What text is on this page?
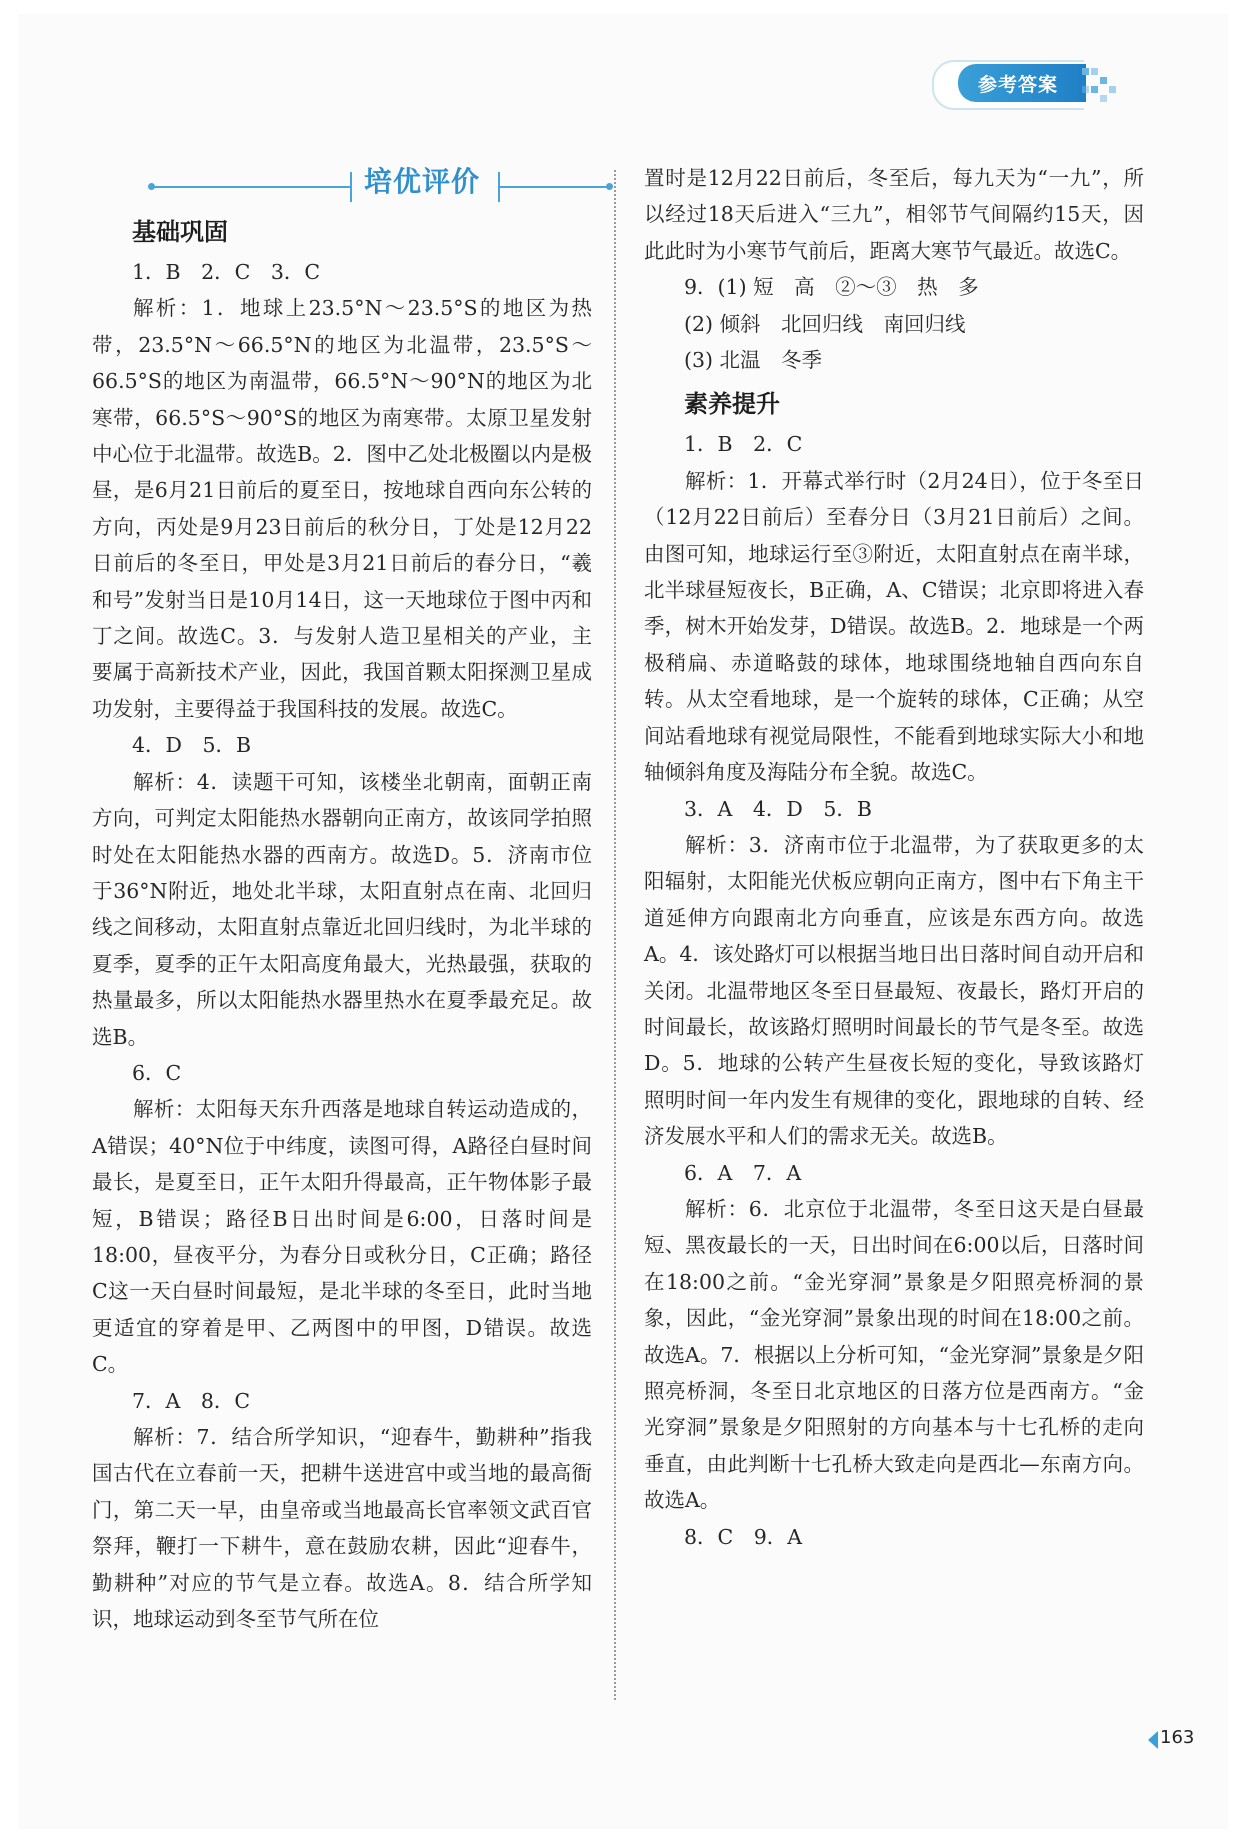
参考答案
培优评价
基础巩固

1．B　2．C　3．C

解析：1．地球上23.5°N～23.5°S的地区为热带，23.5°N～66.5°N的地区为北温带，23.5°S～66.5°S的地区为南温带，66.5°N～90°N的地区为北寒带，66.5°S～90°S的地区为南寒带。太原卫星发射中心位于北温带。故选B。2．图中乙处北极圈以内是极昼，是6月21日前后的夏至日，按地球自西向东公转的方向，丙处是9月23日前后的秋分日，丁处是12月22日前后的冬至日，甲处是3月21日前后的春分日，“羲和号”发射当日是10月14日，这一天地球位于图中丙和丁之间。故选C。3．与发射人造卫星相关的产业，主要属于高新技术产业，因此，我国首颗太阳探测卫星成功发射，主要得益于我国科技的发展。故选C。

4．D　5．B

解析：4．读题干可知，该楼坐北朝南，面朝正南方向，可判定太阳能热水器朝向正南方，故该同学拍照时处在太阳能热水器的西南方。故选D。5．济南市位于36°N附近，地处北半球，太阳直射点在南、北回归线之间移动，太阳直射点靠近北回归线时，为北半球的夏季，夏季的正午太阳高度角最大，光热最强，获取的热量最多，所以太阳能热水器里热水在夏季最充足。故选B。

6．C

解析：太阳每天东升西落是地球自转运动造成的，A错误；40°N位于中纬度，读图可得，A路径白昼时间最长，是夏至日，正午太阳升得最高，正午物体影子最短，B错误；路径B日出时间是6:00，日落时间是18:00，昼夜平分，为春分日或秋分日，C正确；路径C这一天白昼时间最短，是北半球的冬至日，此时当地更适宜的穿着是甲、乙两图中的甲图，D错误。故选C。

7．A　8．C

解析：7．结合所学知识，“迎春牛，勤耕种”指我国古代在立春前一天，把耕牛送进宫中或当地的最高衙门，第二天一早，由皇帝或当地最高长官率领文武百官祭拜，鞭打一下耕牛，意在鼓励农耕，因此“迎春牛，勤耕种”对应的节气是立春。故选A。8．结合所学知识，地球运动到冬至节气所在位

置时是12月22日前后，冬至后，每九天为“一九”，所以经过18天后进入“三九”，相邻节气间隔约15天，因此此时为小寒节气前后，距离大寒节气最近。故选C。

9．(1) 短　高　②～③　热　多

(2) 倾斜　北回归线　南回归线

(3) 北温　冬季

素养提升

1．B　2．C

解析：1．开幕式举行时（2月24日），位于冬至日（12月22日前后）至春分日（3月21日前后）之间。由图可知，地球运行至③附近，太阳直射点在南半球，北半球昼短夜长，B正确，A、C错误；北京即将进入春季，树木开始发芽，D错误。故选B。2．地球是一个两极稍扁、赤道略鼓的球体，地球围绕地轴自西向东自转。从太空看地球，是一个旋转的球体，C正确；从空间站看地球有视觉局限性，不能看到地球实际大小和地轴倾斜角度及海陆分布全貌。故选C。

3．A　4．D　5．B

解析：3．济南市位于北温带，为了获取更多的太阳辐射，太阳能光伏板应朝向正南方，图中右下角主干道延伸方向跟南北方向垂直，应该是东西方向。故选A。4．该处路灯可以根据当地日出日落时间自动开启和关闭。北温带地区冬至日昼最短、夜最长，路灯开启的时间最长，故该路灯照明时间最长的节气是冬至。故选D。5．地球的公转产生昼夜长短的变化，导致该路灯照明时间一年内发生有规律的变化，跟地球的自转、经济发展水平和人们的需求无关。故选B。

6．A　7．A

解析：6．北京位于北温带，冬至日这天是白昼最短、黑夜最长的一天，日出时间在6:00以后，日落时间在18:00之前。“金光穿洞”景象是夕阳照亮桥洞的景象，因此，“金光穿洞”景象出现的时间在18:00之前。故选A。7．根据以上分析可知，“金光穿洞”景象是夕阳照亮桥洞，冬至日北京地区的日落方位是西南方。“金光穿洞”景象是夕阳照射的方向基本与十七孔桥的走向垂直，由此判断十七孔桥大致走向是西北—东南方向。故选A。

8．C　9．A

163
